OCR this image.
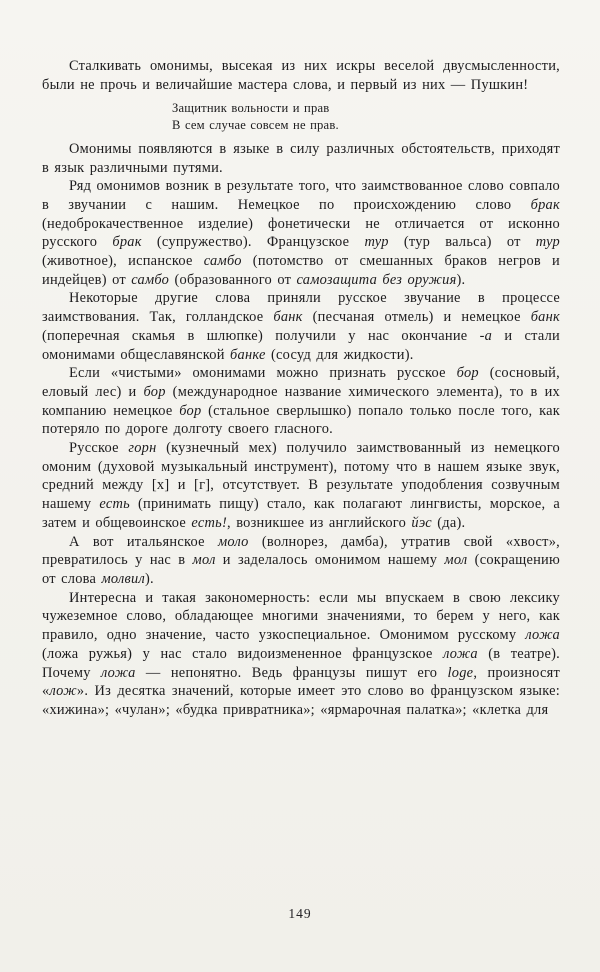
Сталкивать омонимы, высекая из них искры веселой двусмысленности, были не прочь и величайшие мастера слова, и первый из них — Пушкин!

Защитник вольности и прав
В сем случае совсем не прав.

Омонимы появляются в языке в силу различных обстоятельств, приходят в язык различными путями.

Ряд омонимов возник в результате того, что заимствованное слово совпало в звучании с нашим. Немецкое по происхождению слово брак (недоброкачественное изделие) фонетически не отличается от исконно русского брак (супружество). Французское тур (тур вальса) от тур (животное), испанское самбо (потомство от смешанных браков негров и индейцев) от самбо (образованного от самозащита без оружия).

Некоторые другие слова приняли русское звучание в процессе заимствования. Так, голландское банк (песчаная отмель) и немецкое банк (поперечная скамья в шлюпке) получили у нас окончание -а и стали омонимами общеславянской банке (сосуд для жидкости).

Если «чистыми» омонимами можно признать русское бор (сосновый, еловый лес) и бор (международное название химического элемента), то в их компанию немецкое бор (стальное сверлышко) попало только после того, как потеряло по дороге долготу своего гласного.

Русское горн (кузнечный мех) получило заимствованный из немецкого омоним (духовой музыкальный инструмент), потому что в нашем языке звук, средний между [х] и [г], отсутствует. В результате уподобления созвучным нашему есть (принимать пищу) стало, как полагают лингвисты, морское, а затем и общевоинское есть!, возникшее из английского йэс (да).

А вот итальянское моло (волнорез, дамба), утратив свой «хвост», превратилось у нас в мол и заделалось омонимом нашему мол (сокращению от слова молвил).

Интересна и такая закономерность: если мы впускаем в свою лексику чужеземное слово, обладающее многими значениями, то берем у него, как правило, одно значение, часто узкоспециальное. Омонимом русскому ложа (ложа ружья) у нас стало видоизмененное французское ложа (в театре). Почему ложа — непонятно. Ведь французы пишут его loge, произносят «лож». Из десятка значений, которые имеет это слово во французском языке: «хижина»; «чулан»; «будка привратника»; «ярмарочная палатка»; «клетка для

149
